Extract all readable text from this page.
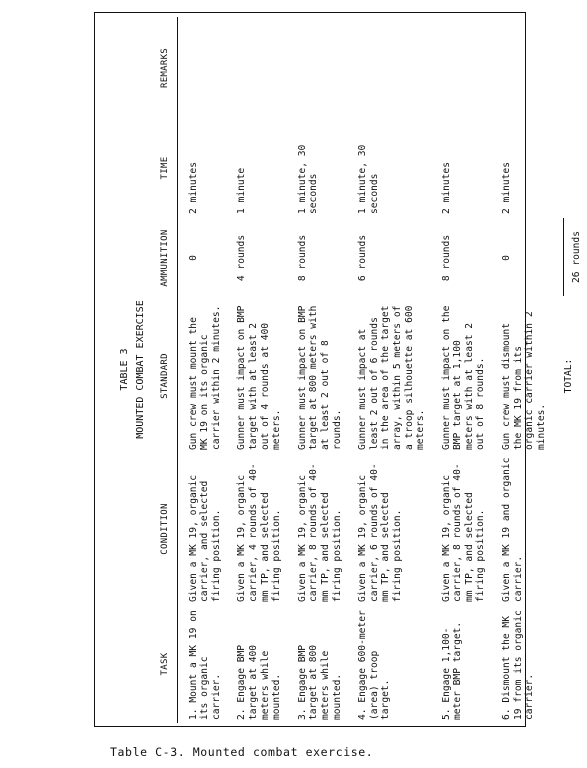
TABLE 3 MOUNTED COMBAT EXERCISE
TASK	CONDITION	STANDARD	AMMUNITION	TIME	REMARKS
1. Mount a MK 19 on its organic carrier.	Given a MK 19, organic carrier, and selected firing position.	Gun crew must mount the MK 19 on its organic carrier within 2 minutes.	0	2 minutes	
2. Engage BMP target at 400 meters while mounted.	Given a MK 19, organic carrier, 4 rounds of 40-mm TP, and selected firing position.	Gunner must impact on BMP target with at least 2 out of 4 rounds at 400 meters.	4 rounds	1 minute	
3. Engage BMP target at 800 meters while mounted.	Given a MK 19, organic carrier, 8 rounds of 40-mm TP, and selected firing position.	Gunner must impact on BMP target at 800 meters with at least 2 out of 8 rounds.	8 rounds	1 minute, 30 seconds	
4. Engage 600-meter (area) troop target.	Given a MK 19, organic carrier, 6 rounds of 40-mm TP, and selected firing position.	Gunner must impact at least 2 out of 6 rounds in the area of the target array, within 5 meters of a troop silhouette at 600 meters.	6 rounds	1 minute, 30 seconds	
5. Engage 1,100-meter BMP target.	Given a MK 19, organic carrier, 8 rounds of 40-mm TP, and selected firing position.	Gunner must impact on the BMP target at 1,100 meters with at least 2 out of 8 rounds.	8 rounds	2 minutes	
6. Dismount the MK 19 from its organic carrier.	Given a MK 19 and organic carrier.	Gun crew must dismount the MK 19 from its organic carrier within 2 minutes.	0	2 minutes	
		TOTAL:	26 rounds		
Table C-3. Mounted combat exercise.
